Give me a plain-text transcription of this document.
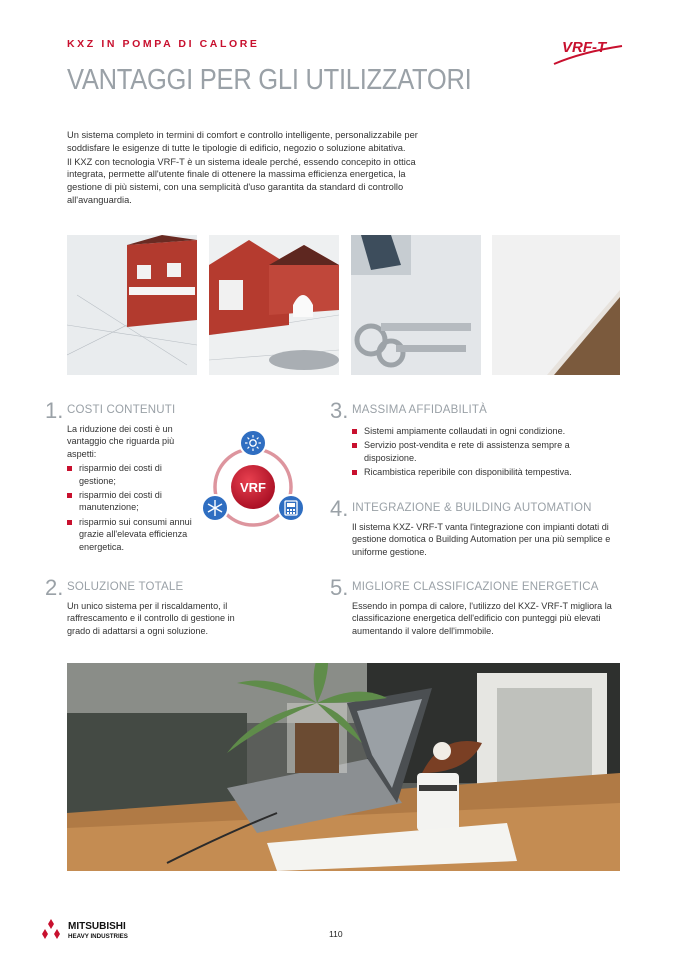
KXZ IN POMPA DI CALORE	VRF-T
VANTAGGI PER GLI UTILIZZATORI

Un sistema completo in termini di comfort e controllo intelligente, personalizzabile per soddisfare le esigenze di tutte le tipologie di edificio, negozio o soluzione abitativa.

Il KXZ con tecnologia VRF-T è un sistema ideale perché, essendo concepito in ottica integrata, permette all'utente finale di ottenere la massima efficienza energetica, la gestione di più sistemi, con una semplicità d'uso garantita da standard di controllo all'avanguardia.

1. COSTI CONTENUTI
La riduzione dei costi è un vantaggio che riguarda più aspetti:
risparmio dei costi di gestione;
risparmio dei costi di manutenzione;
risparmio sui consumi annui grazie all'elevata efficienza energetica.
VRF
2. SOLUZIONE TOTALE
Un unico sistema per il riscaldamento, il raffrescamento e il controllo di gestione in grado di adattarsi a ogni soluzione.
3. MASSIMA AFFIDABILITÀ
Sistemi ampiamente collaudati in ogni condizione.
Servizio post-vendita e rete di assistenza sempre a disposizione.
Ricambistica reperibile con disponibilità tempestiva.
4. INTEGRAZIONE & BUILDING AUTOMATION
Il sistema KXZ- VRF-T vanta l'integrazione con impianti dotati di gestione domotica o Building Automation per una più semplice e uniforme gestione.
5. MIGLIORE CLASSIFICAZIONE ENERGETICA
Essendo in pompa di calore, l'utilizzo del KXZ- VRF-T migliora la classificazione energetica dell'edificio con punteggi più elevati aumentando il valore dell'immobile.
MITSUBISHI
HEAVY INDUSTRIES	110
